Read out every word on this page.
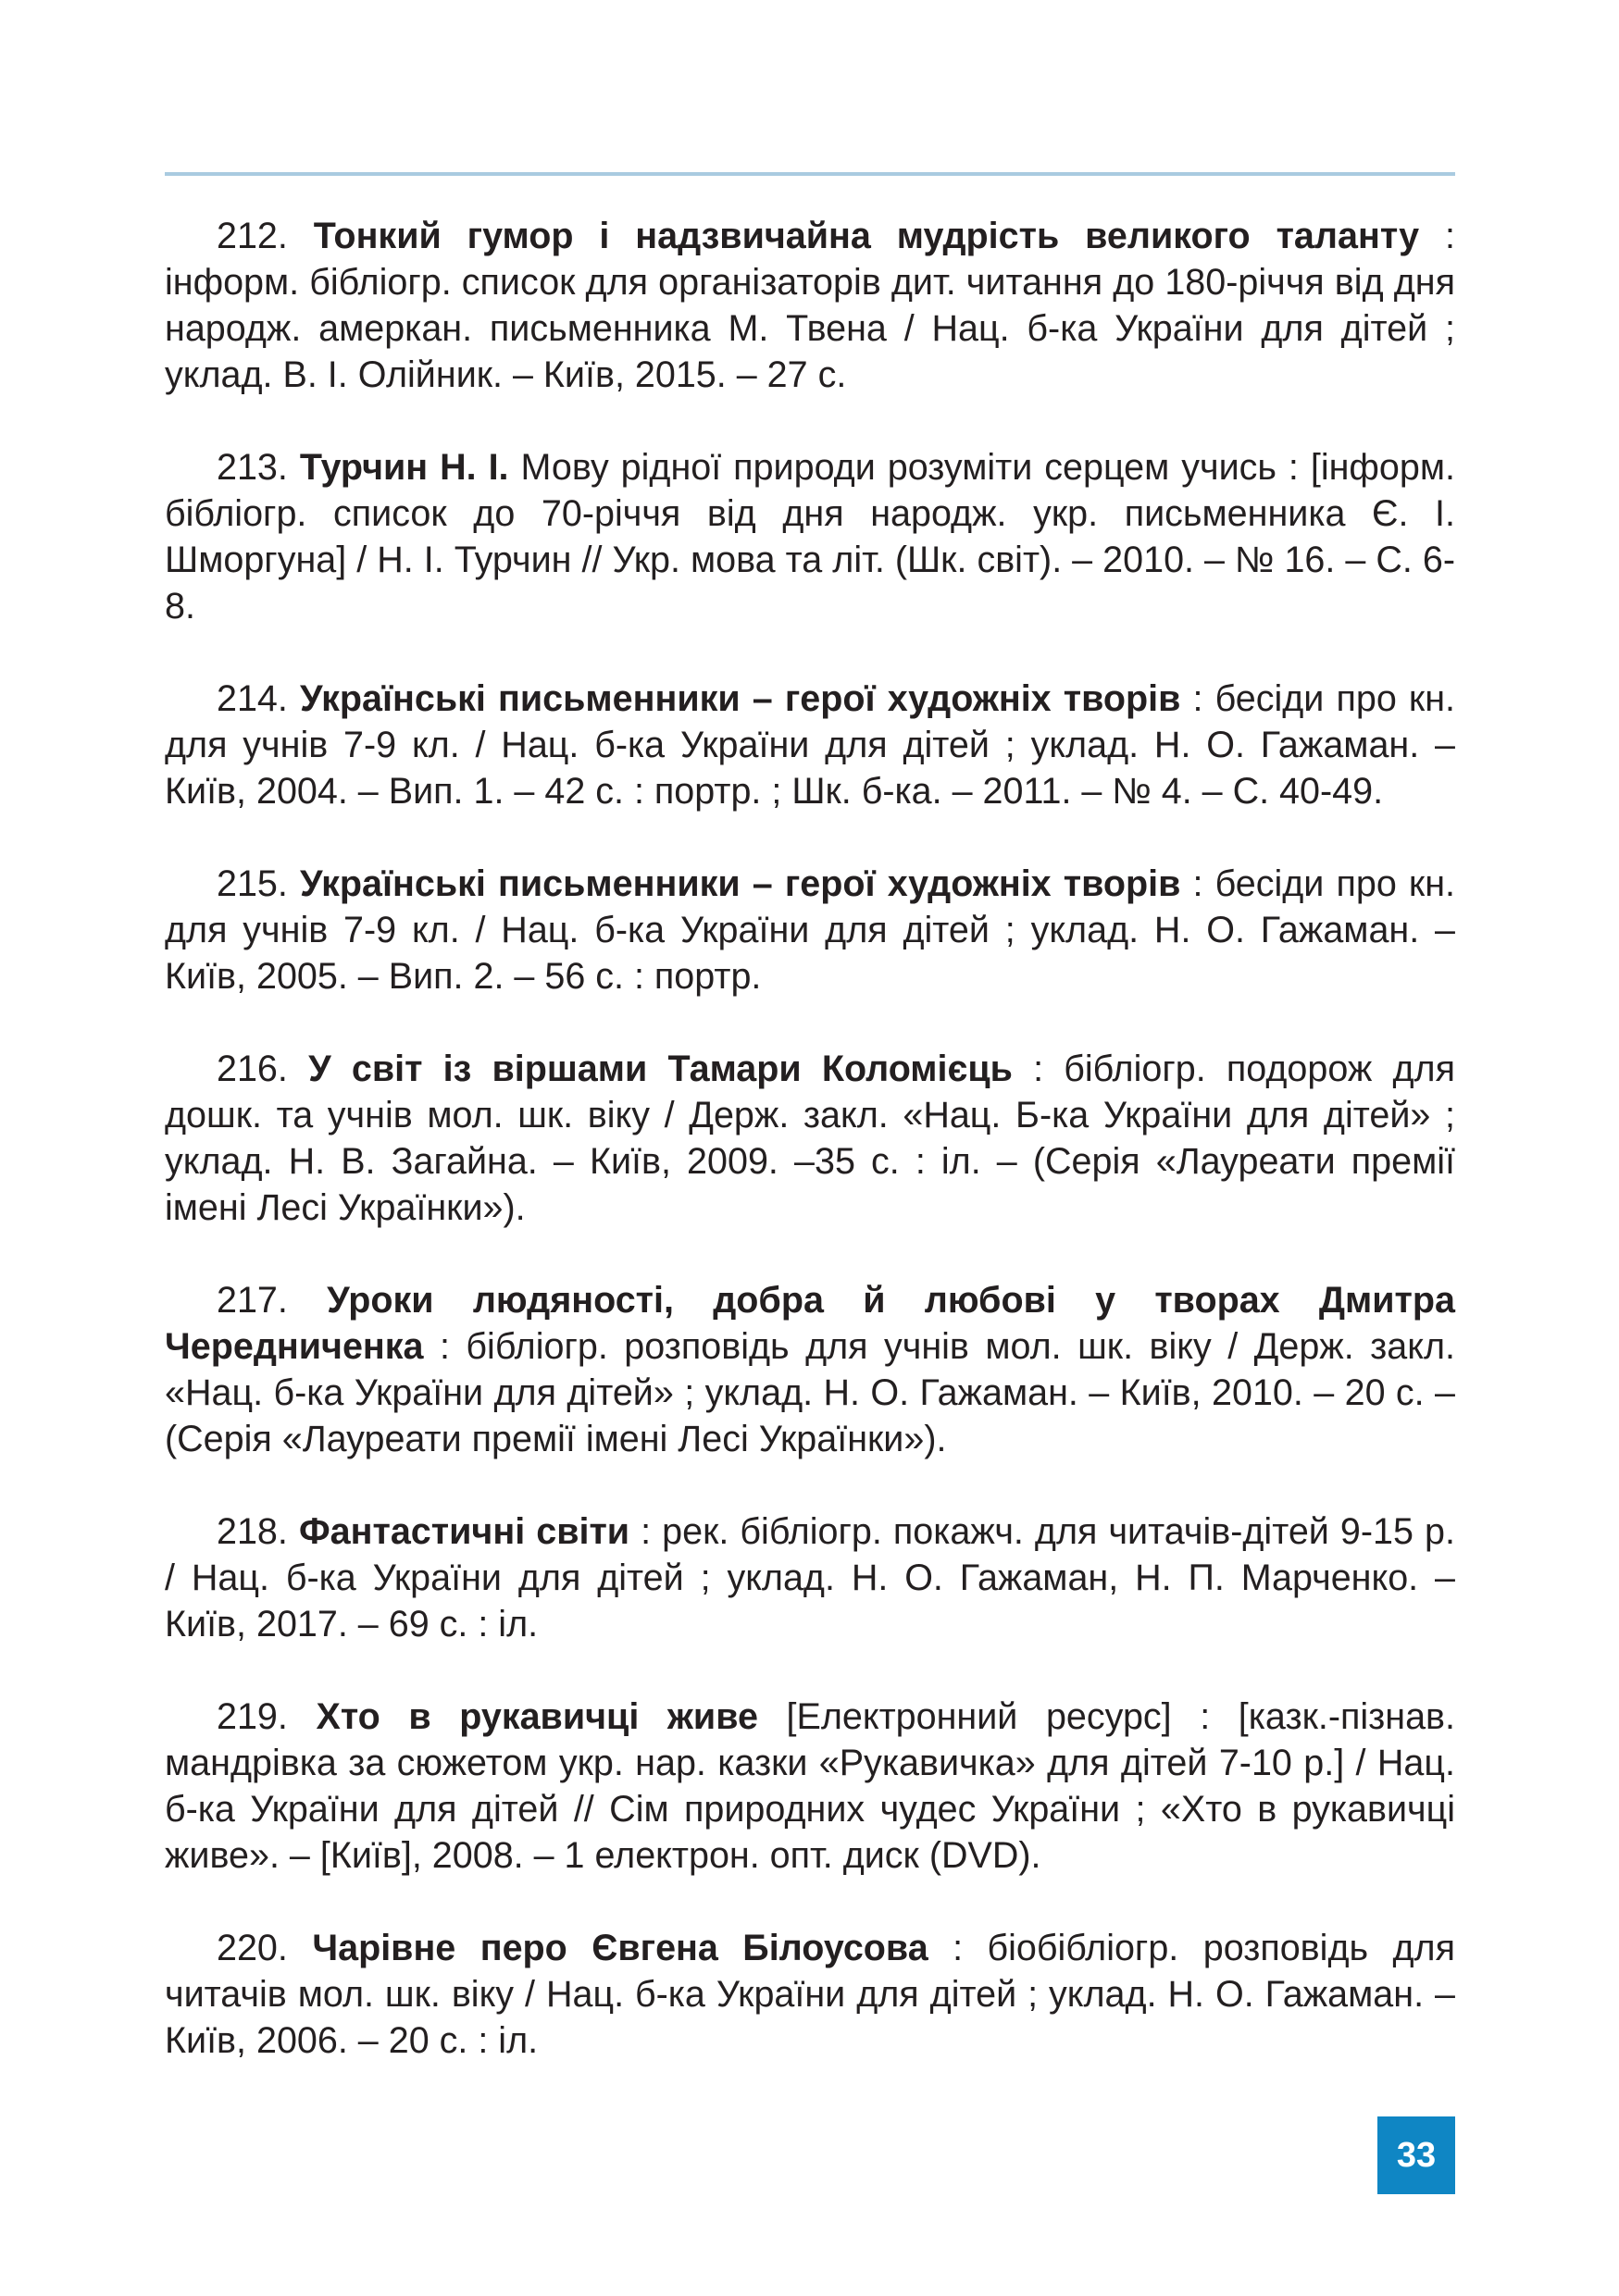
212. Тонкий гумор і надзвичайна мудрість великого таланту : інформ. бібліогр. список для організаторів дит. читання до 180-річчя від дня народж. амеркан. письменника М. Твена / Нац. б-ка України для дітей ; уклад. В. І. Олійник. – Київ, 2015. – 27 с.

213. Турчин Н. І. Мову рідної природи розуміти серцем учись : [інформ. бібліогр. список до 70-річчя від дня народж. укр. письменника Є. І. Шморгуна] / Н. І. Турчин // Укр. мова та літ. (Шк. світ). – 2010. – № 16. – С. 6-8.

214. Українські письменники – герої художніх творів : бесіди про кн. для учнів 7-9 кл. / Нац. б-ка України для дітей ; уклад. Н. О. Гажаман. – Київ, 2004. – Вип. 1. – 42 с. : портр. ; Шк. б-ка. – 2011. – № 4. – С. 40-49.

215. Українські письменники – герої художніх творів : бесіди про кн. для учнів 7-9 кл. / Нац. б-ка України для дітей ; уклад. Н. О. Гажаман. – Київ, 2005. – Вип. 2. – 56 с. : портр.

216. У світ із віршами Тамари Коломієць : бібліогр. подорож для дошк. та учнів мол. шк. віку / Держ. закл. «Нац. Б-ка України для дітей» ; уклад. Н. В. Загайна. – Київ, 2009. –35 с. : іл. – (Серія «Лауреати премії імені Лесі Українки»).

217. Уроки людяності, добра й любові у творах Дмитра Чередниченка : бібліогр. розповідь для учнів мол. шк. віку / Держ. закл. «Нац. б-ка України для дітей» ; уклад. Н. О. Гажаман. – Київ, 2010. – 20 с. – (Серія «Лауреати премії імені Лесі Українки»).

218. Фантастичні світи : рек. бібліогр. покажч. для читачів-дітей 9-15 р. / Нац. б-ка України для дітей ; уклад. Н. О. Гажаман, Н. П. Марченко. – Київ, 2017. – 69 с. : іл.

219. Хто в рукавичці живе [Електронний ресурс] : [казк.-пізнав. мандрівка за сюжетом укр. нар. казки «Рукавичка» для дітей 7-10 р.] / Нац. б-ка України для дітей // Сім природних чудес України ; «Хто в рукавичці живе». – [Київ], 2008. – 1 електрон. опт. диск (DVD).

220. Чарівне перо Євгена Білоусова : біобібліогр. розповідь для читачів мол. шк. віку / Нац. б-ка України для дітей ; уклад. Н. О. Гажаман. – Київ, 2006. – 20 с. : іл.

33
